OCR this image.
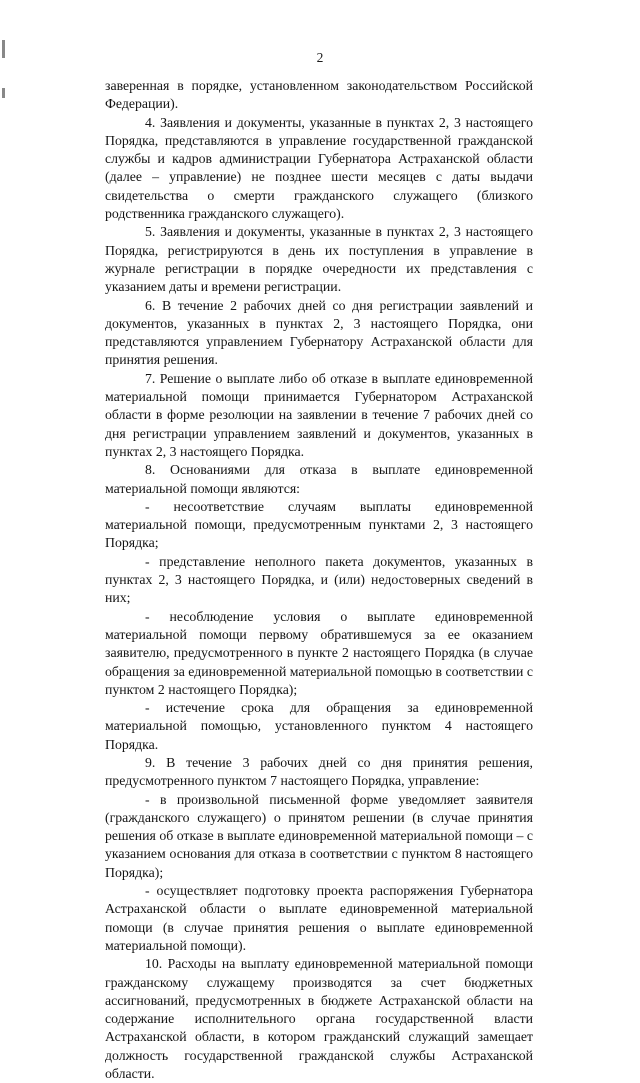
2

заверенная в порядке, установленном законодательством Российской Федерации).

4. Заявления и документы, указанные в пунктах 2, 3 настоящего Порядка, представляются в управление государственной гражданской службы и кадров администрации Губернатора Астраханской области (далее – управление) не позднее шести месяцев с даты выдачи свидетельства о смерти гражданского служащего (близкого родственника гражданского служащего).

5. Заявления и документы, указанные в пунктах 2, 3 настоящего Порядка, регистрируются в день их поступления в управление в журнале регистрации в порядке очередности их представления с указанием даты и времени регистрации.

6. В течение 2 рабочих дней со дня регистрации заявлений и документов, указанных в пунктах 2, 3 настоящего Порядка, они представляются управлением Губернатору Астраханской области для принятия решения.

7. Решение о выплате либо об отказе в выплате единовременной материальной помощи принимается Губернатором Астраханской области в форме резолюции на заявлении в течение 7 рабочих дней со дня регистрации управлением заявлений и документов, указанных в пунктах 2, 3 настоящего Порядка.

8. Основаниями для отказа в выплате единовременной материальной помощи являются:

- несоответствие случаям выплаты единовременной материальной помощи, предусмотренным пунктами 2, 3 настоящего Порядка;

- представление неполного пакета документов, указанных в пунктах 2, 3 настоящего Порядка, и (или) недостоверных сведений в них;

- несоблюдение условия о выплате единовременной материальной помощи первому обратившемуся за ее оказанием заявителю, предусмотренного в пункте 2 настоящего Порядка (в случае обращения за единовременной материальной помощью в соответствии с пунктом 2 настоящего Порядка);

- истечение срока для обращения за единовременной материальной помощью, установленного пунктом 4 настоящего Порядка.

9. В течение 3 рабочих дней со дня принятия решения, предусмотренного пунктом 7 настоящего Порядка, управление:

- в произвольной письменной форме уведомляет заявителя (гражданского служащего) о принятом решении (в случае принятия решения об отказе в выплате единовременной материальной помощи – с указанием основания для отказа в соответствии с пунктом 8 настоящего Порядка);

- осуществляет подготовку проекта распоряжения Губернатора Астраханской области о выплате единовременной материальной помощи (в случае принятия решения о выплате единовременной материальной помощи).

10. Расходы на выплату единовременной материальной помощи гражданскому служащему производятся за счет бюджетных ассигнований, предусмотренных в бюджете Астраханской области на содержание исполнительного органа государственной власти Астраханской области, в котором гражданский служащий замещает должность государственной гражданской службы Астраханской области.
